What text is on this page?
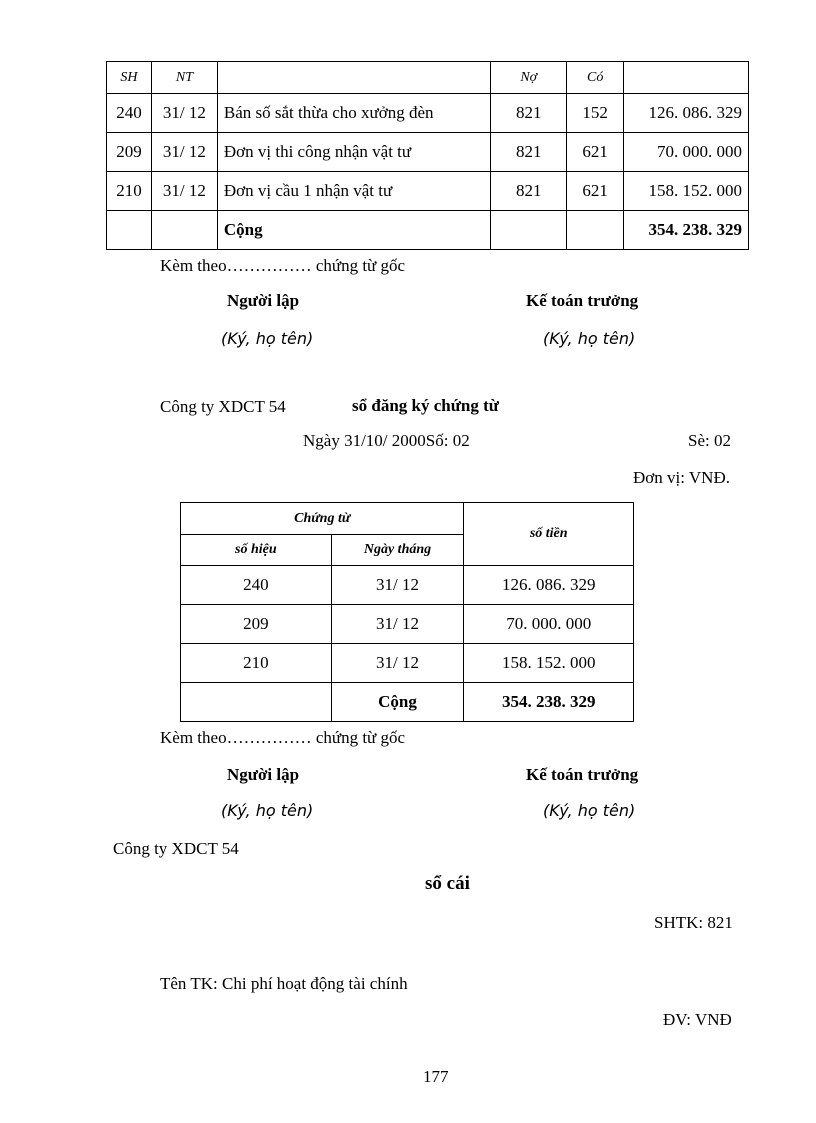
SH	NT		Nợ	Có	
240	31/ 12	Bán số sắt thừa cho xưởng đèn	821	152	126. 086. 329
209	31/ 12	Đơn vị thi công nhận vật tư	821	621	70. 000. 000
210	31/ 12	Đơn vị cầu 1 nhận vật tư	821	621	158. 152. 000
		Cộng			354. 238. 329
Kèm theo…………… chứng từ gốc
Người lập	Kế toán trưởng
(Ký, họ tên)	(Ký, họ tên)
Công ty XDCT 54	sổ đăng ký chứng từ
Ngày 31/10/ 2000Số: 02	Sè: 02
Đơn vị: VNĐ.
Chứng từ		số tiền
số hiệu	Ngày tháng	
240	31/ 12	126. 086. 329
209	31/ 12	70. 000. 000
210	31/ 12	158. 152. 000
	Cộng	354. 238. 329
Kèm theo…………… chứng từ gốc
Người lập	Kế toán trưởng
(Ký, họ tên)	(Ký, họ tên)
Công ty XDCT 54
sổ cái
SHTK: 821
Tên TK: Chi phí hoạt động tài chính
ĐV: VNĐ
177
